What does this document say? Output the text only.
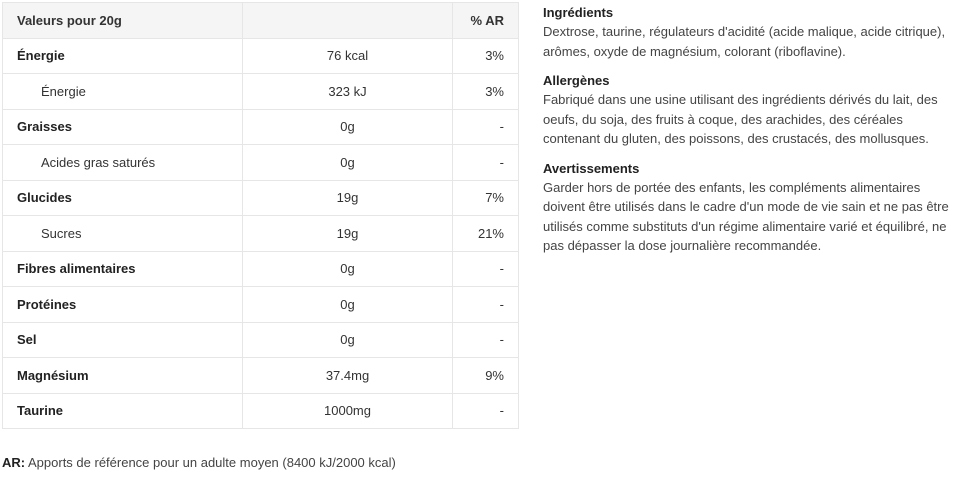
Valeurs pour 20g		% AR
Énergie	76 kcal	3%
Énergie	323 kJ	3%
Graisses	0g	-
Acides gras saturés	0g	-
Glucides	19g	7%
Sucres	19g	21%
Fibres alimentaires	0g	-
Protéines	0g	-
Sel	0g	-
Magnésium	37.4mg	9%
Taurine	1000mg	-
AR: Apports de référence pour un adulte moyen (8400 kJ/2000 kcal)
Ingrédients

Dextrose, taurine, régulateurs d'acidité (acide malique, acide citrique), arômes, oxyde de magnésium, colorant (riboflavine).

Allergènes

Fabriqué dans une usine utilisant des ingrédients dérivés du lait, des oeufs, du soja, des fruits à coque, des arachides, des céréales contenant du gluten, des poissons, des crustacés, des mollusques.

Avertissements

Garder hors de portée des enfants, les compléments alimentaires doivent être utilisés dans le cadre d'un mode de vie sain et ne pas être utilisés comme substituts d'un régime alimentaire varié et équilibré, ne pas dépasser la dose journalière recommandée.
